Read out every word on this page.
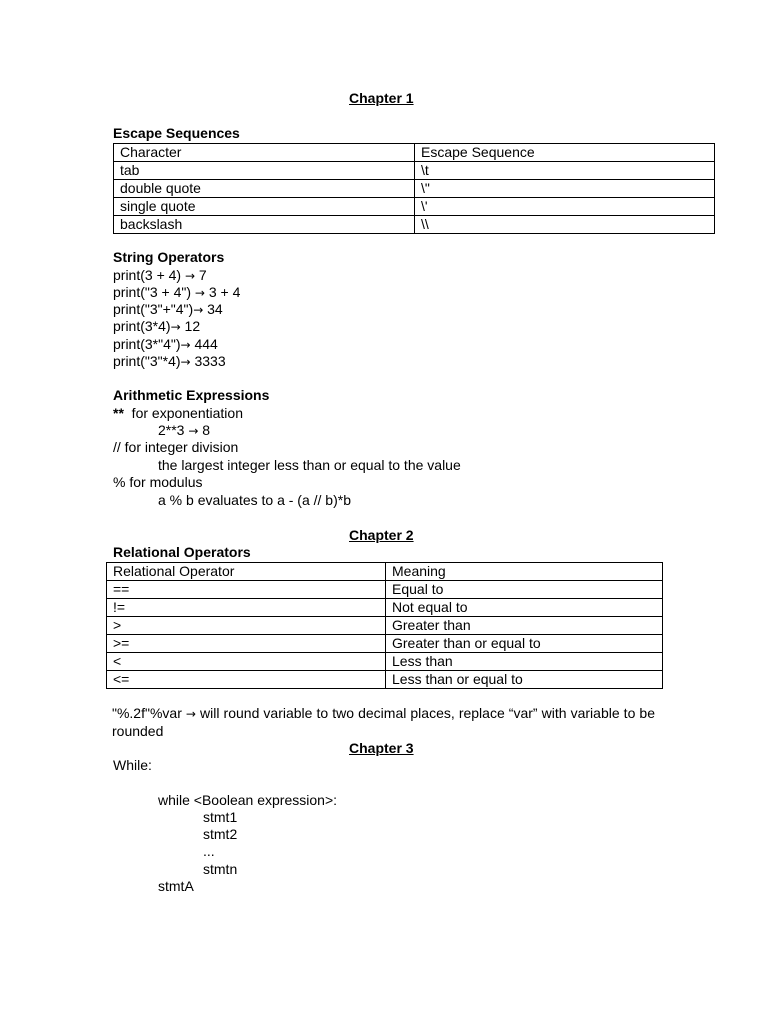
Chapter 1
Escape Sequences
Character	Escape Sequence
tab	\t
double quote	\"
single quote	\'
backslash	\\
String Operators
print(3 + 4) → 7
print("3 + 4") → 3 + 4
print("3"+"4")→ 34
print(3*4)→ 12
print(3*"4")→ 444
print("3"*4)→ 3333
Arithmetic Expressions
**  for exponentiation
2**3 → 8
// for integer division
the largest integer less than or equal to the value
% for modulus
a % b evaluates to a - (a // b)*b
Chapter 2
Relational Operators
Relational Operator	Meaning
==	Equal to
!=	Not equal to
>	Greater than
>=	Greater than or equal to
<	Less than
<=	Less than or equal to
"%.2f"%var → will round variable to two decimal places, replace “var” with variable to be rounded
Chapter 3
While:
while <Boolean expression>:
stmt1
stmt2
...
stmtn
stmtA
